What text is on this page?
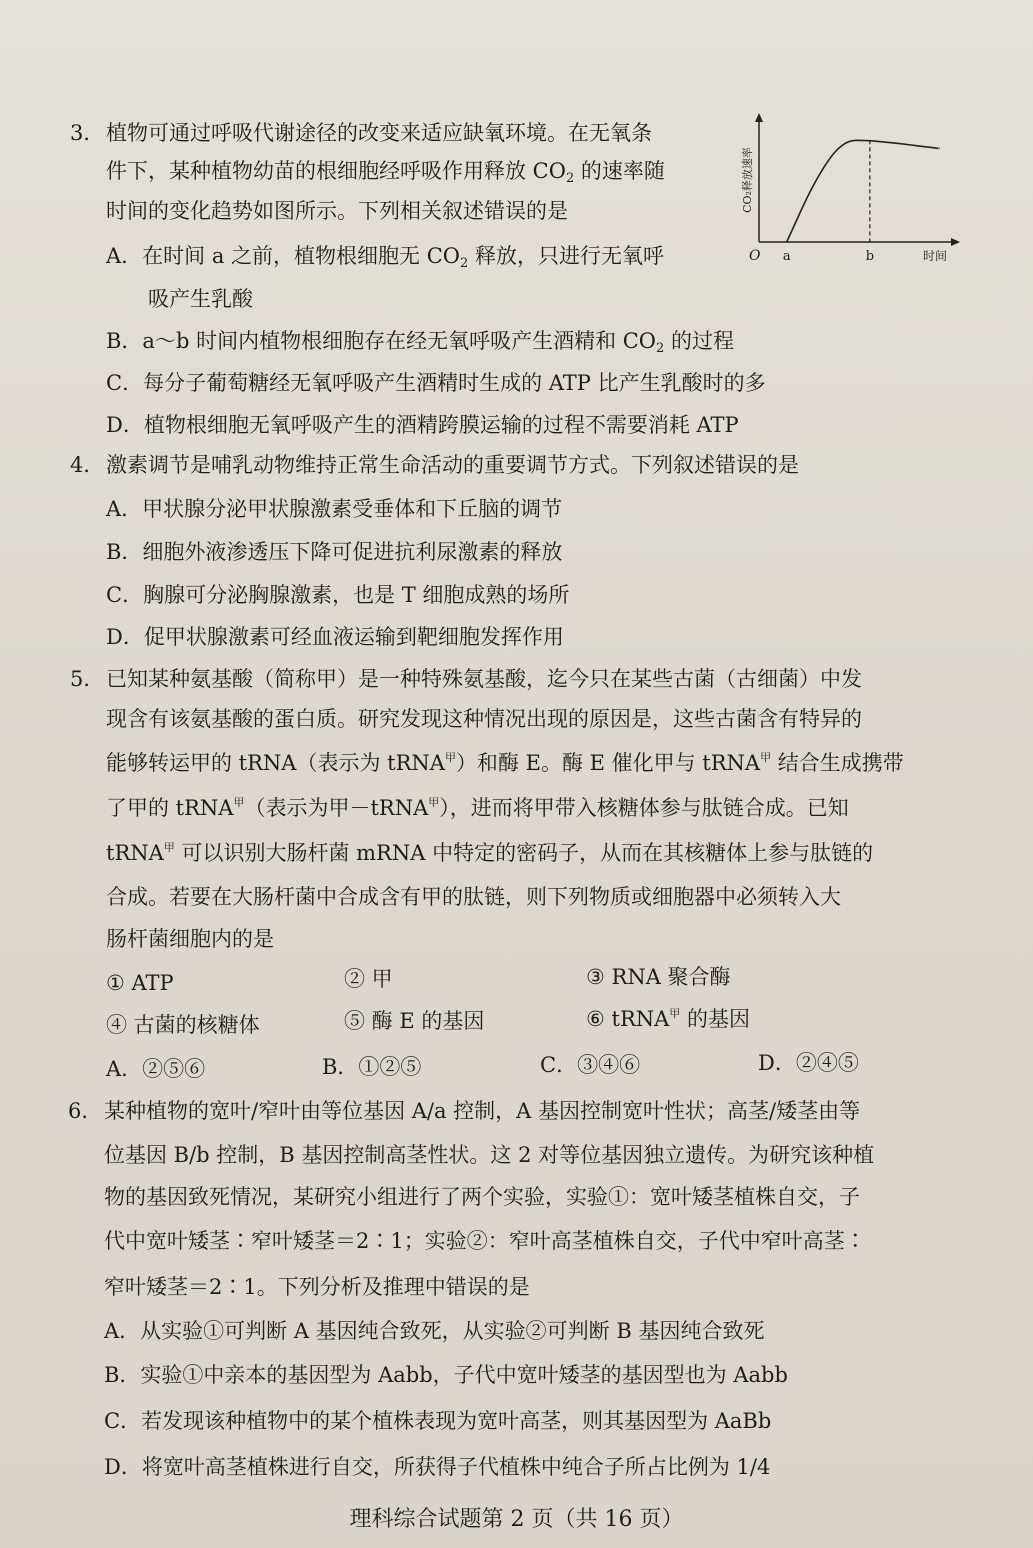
3． 植物可通过呼吸代谢途径的改变来适应缺氧环境。在无氧条
件下，某种植物幼苗的根细胞经呼吸作用释放 $CO_2$ 的速率随
时间的变化趋势如图所示。下列相关叙述错误的是
A．在时间 a 之前，植物根细胞无 $CO_2$ 释放，只进行无氧呼
吸产生乳酸
B．a～b 时间内植物根细胞存在经无氧呼吸产生酒精和 $CO_2$ 的过程
C．每分子葡萄糖经无氧呼吸产生酒精时生成的 ATP 比产生乳酸时的多
D．植物根细胞无氧呼吸产生的酒精跨膜运输的过程不需要消耗 ATP
CO₂释放速率
O a	b	时间
4． 激素调节是哺乳动物维持正常生命活动的重要调节方式。下列叙述错误的是
A．甲状腺分泌甲状腺激素受垂体和下丘脑的调节
B．细胞外液渗透压下降可促进抗利尿激素的释放
C．胸腺可分泌胸腺激素，也是 T 细胞成熟的场所
D．促甲状腺激素可经血液运输到靶细胞发挥作用
5． 已知某种氨基酸（简称甲）是一种特殊氨基酸，迄今只在某些古菌（古细菌）中发
现含有该氨基酸的蛋白质。研究发现这种情况出现的原因是，这些古菌含有特异的
能够转运甲的 tRNA（表示为 tRNA$^甲$）和酶 E。酶 E 催化甲与 tRNA$^甲$ 结合生成携带
了甲的 tRNA$^甲$（表示为甲－tRNA$^甲$），进而将甲带入核糖体参与肽链合成。已知
tRNA$^甲$ 可以识别大肠杆菌 mRNA 中特定的密码子，从而在其核糖体上参与肽链的
合成。若要在大肠杆菌中合成含有甲的肽链，则下列物质或细胞器中必须转入大
肠杆菌细胞内的是
① ATP	② 甲	③ RNA 聚合酶
④ 古菌的核糖体	⑤ 酶 E 的基因	⑥ tRNA$^甲$ 的基因
A．②⑤⑥	B．①②⑤	C．③④⑥	D．②④⑤
6． 某种植物的宽叶/窄叶由等位基因 A/a 控制，A 基因控制宽叶性状；高茎/矮茎由等
位基因 B/b 控制，B 基因控制高茎性状。这 2 对等位基因独立遗传。为研究该种植
物的基因致死情况，某研究小组进行了两个实验，实验①：宽叶矮茎植株自交，子
代中宽叶矮茎∶窄叶矮茎＝2∶1；实验②：窄叶高茎植株自交，子代中窄叶高茎∶
窄叶矮茎＝2∶1。下列分析及推理中错误的是
A．从实验①可判断 A 基因纯合致死，从实验②可判断 B 基因纯合致死
B．实验①中亲本的基因型为 Aabb，子代中宽叶矮茎的基因型也为 Aabb
C．若发现该种植物中的某个植株表现为宽叶高茎，则其基因型为 AaBb
D．将宽叶高茎植株进行自交，所获得子代植株中纯合子所占比例为 1/4
理科综合试题第 2 页（共 16 页）
